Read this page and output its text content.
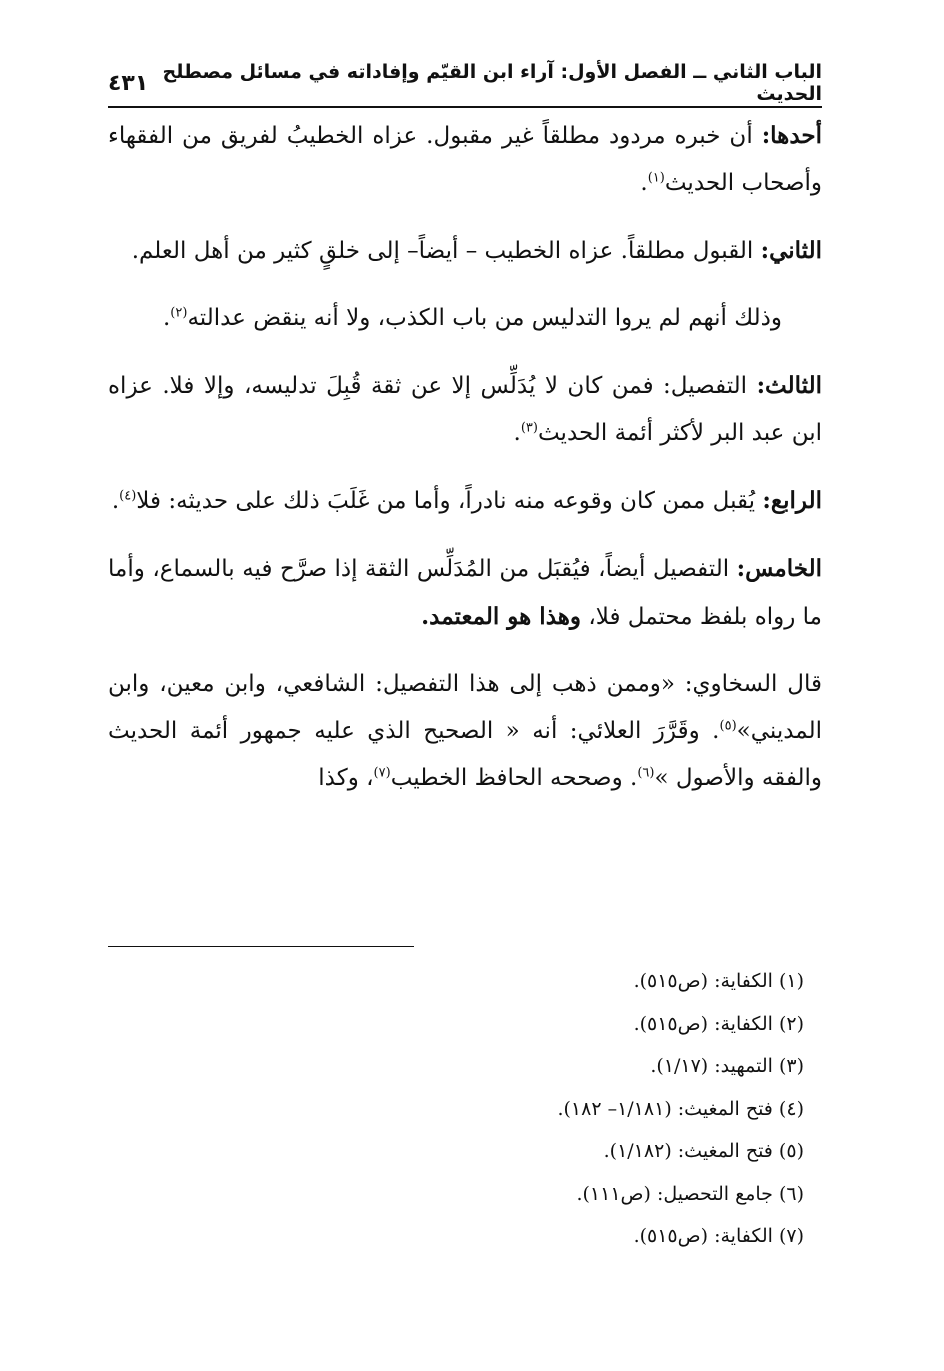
الباب الثاني ــ الفصل الأول: آراء ابن القيّم وإفاداته في مسائل مصطلح الحديث
٤٣١

أحدها: أن خبره مردود مطلقاً غير مقبول. عزاه الخطيبُ لفريق من الفقهاء وأصحاب الحديث$^{(١)}$.

الثاني: القبول مطلقاً. عزاه الخطيب – أيضاً– إلى خلقٍ كثير من أهل العلم.

وذلك أنهم لم يروا التدليس من باب الكذب، ولا أنه ينقض عدالته$^{(٢)}$.

الثالث: التفصيل: فمن كان لا يُدَلِّس إلا عن ثقة قُبِلَ تدليسه، وإلا فلا. عزاه ابن عبد البر لأكثر أئمة الحديث$^{(٣)}$.

الرابع: يُقبل ممن كان وقوعه منه نادراً، وأما من غَلَبَ ذلك على حديثه: فلا$^{(٤)}$.

الخامس: التفصيل أيضاً، فيُقبَل من المُدَلِّس الثقة إذا صرَّح فيه بالسماع، وأما ما رواه بلفظ محتمل فلا، وهذا هو المعتمد.

قال السخاوي: «وممن ذهب إلى هذا التفصيل: الشافعي، وابن معين، وابن المديني»$^{(٥)}$. وقَرَّرَ العلائي: أنه « الصحيح الذي عليه جمهور أئمة الحديث والفقه والأصول »$^{(٦)}$. وصححه الحافظ الخطيب$^{(٧)}$، وكذا

(١) الكفاية: (ص٥١٥).
(٢) الكفاية: (ص٥١٥).
(٣) التمهيد: (١/١٧).
(٤) فتح المغيث: (١/١٨١– ١٨٢).
(٥) فتح المغيث: (١/١٨٢).
(٦) جامع التحصيل: (ص١١١).
(٧) الكفاية: (ص٥١٥).
